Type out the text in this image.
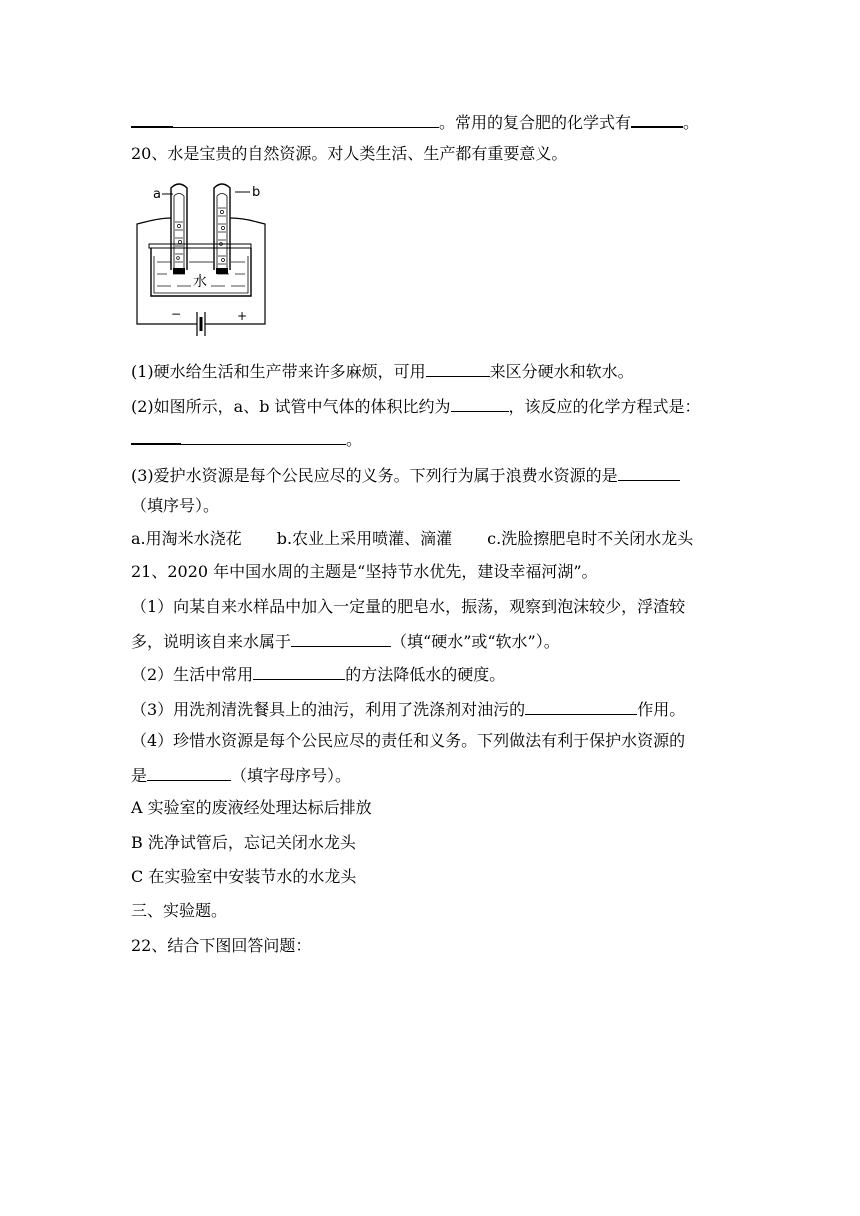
。常用的复合肥的化学式有	。
20、水是宝贵的自然资源。对人类生活、生产都有重要意义。
a	b
水
−	+
(1)硬水给生活和生产带来许多麻烦，可用	来区分硬水和软水。
(2)如图所示，a、b 试管中气体的体积比约为	，该反应的化学方程式是：
。
(3)爱护水资源是每个公民应尽的义务。下列行为属于浪费水资源的是
（填序号）。
a.用淘米水浇花 b.农业上采用喷灌、滴灌 c.洗脸擦肥皂时不关闭水龙头
21、2020 年中国水周的主题是“坚持节水优先，建设幸福河湖”。
（1）向某自来水样品中加入一定量的肥皂水，振荡，观察到泡沫较少，浮渣较
多，说明该自来水属于	（填“硬水”或“软水”）。
（2）生活中常用	的方法降低水的硬度。
（3）用洗剂清洗餐具上的油污，利用了洗涤剂对油污的	作用。
（4）珍惜水资源是每个公民应尽的责任和义务。下列做法有利于保护水资源的
是	（填字母序号）。
A 实验室的废液经处理达标后排放
B 洗净试管后，忘记关闭水龙头
C 在实验室中安装节水的水龙头
三、实验题。
22、结合下图回答问题：
